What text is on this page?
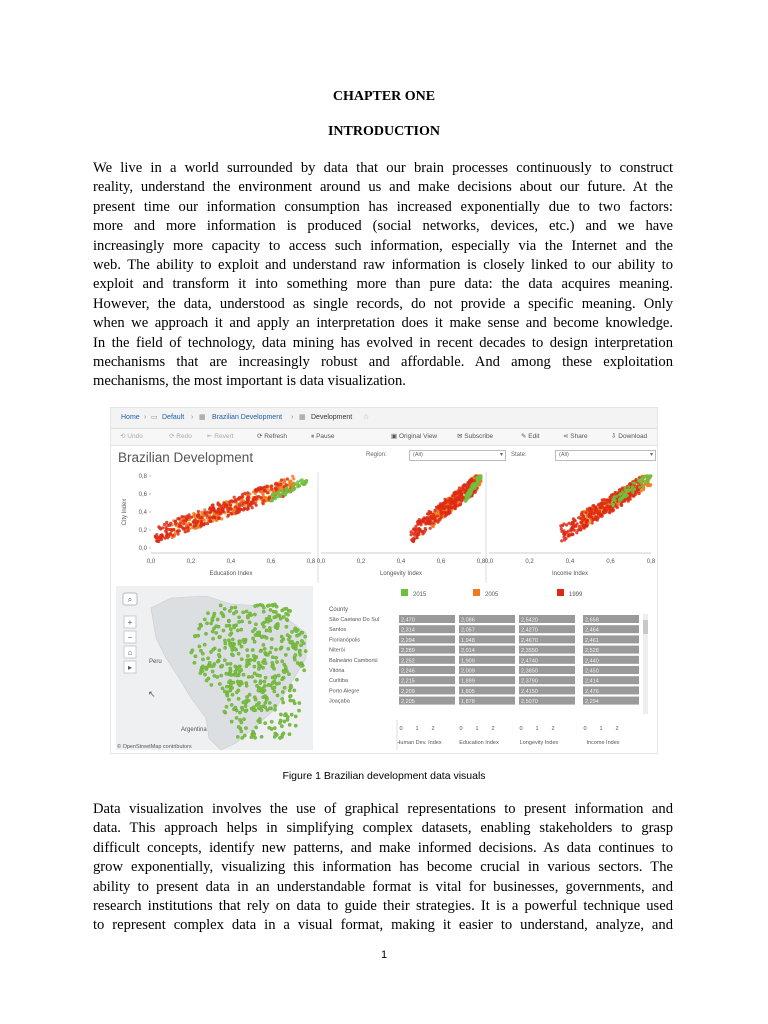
CHAPTER ONE
INTRODUCTION
We live in a world surrounded by data that our brain processes continuously to construct
reality, understand the environment around us and make decisions about our future. At the
present time our information consumption has increased exponentially due to two factors:
more and more information is produced (social networks, devices, etc.) and we have
increasingly more capacity to access such information, especially via the Internet and the
web. The ability to exploit and understand raw information is closely linked to our ability to
exploit and transform it into something more than pure data: the data acquires meaning.
However, the data, understood as single records, do not provide a specific meaning. Only
when we approach it and apply an interpretation does it make sense and become knowledge.
In the field of technology, data mining has evolved in recent decades to design interpretation
mechanisms that are increasingly robust and affordable. And among these exploitation
mechanisms, the most important is data visualization.
Home › ▭ Default › ▦ Brazilian Development › ▦ Development ☆
⟲ Undo	⟳ Redo ⇤ Revert	⟳ Refresh	⏸ Pause	▣ Original View	✉ Subscribe	✎ Edit	⋖ Share	⇩ Download
Brazilian Development	Region:	(All) ▾	State:	(All) ▾
0,0
0,2
0,4
0,6
0,8
City Index
0,0	0,2	0,4	0,6	0,8
Education Index
0,0	0,2	0,4	0,6	0,8
Longevity Index
0,0	0,2	0,4	0,6	0,8
Income Index
Peru
Argentina
⌕
+
−
⌂
▸
↖
© OpenStreetMap contributors
2015	2005	1999
County
São Caetano Do Sul	2,470	2,086	2,5420	2,658
Santos	2,314	2,057	2,4270	2,464
Florianópolis	2,294	1,948	2,4670	2,461
Niterói	2,289	2,014	2,3550	2,528
Balneário Camboriú	2,252	1,909	2,4740	2,440
Vitória	2,246	2,009	2,3850	2,450
Curitiba	2,215	1,899	2,3790	2,414
Porto Alegre	2,209	1,805	2,4150	2,476
Joaçaba	2,205	1,878	2,5070	2,294
0 1 2
Human Dev. Index
0 1 2
Education Index
0 1 2
Longevity Index
0 1 2
Income Index
Figure 1 Brazilian development data visuals
Data visualization involves the use of graphical representations to present information and
data. This approach helps in simplifying complex datasets, enabling stakeholders to grasp
difficult concepts, identify new patterns, and make informed decisions. As data continues to
grow exponentially, visualizing this information has become crucial in various sectors. The
ability to present data in an understandable format is vital for businesses, governments, and
research institutions that rely on data to guide their strategies. It is a powerful technique used
to represent complex data in a visual format, making it easier to understand, analyze, and
1
